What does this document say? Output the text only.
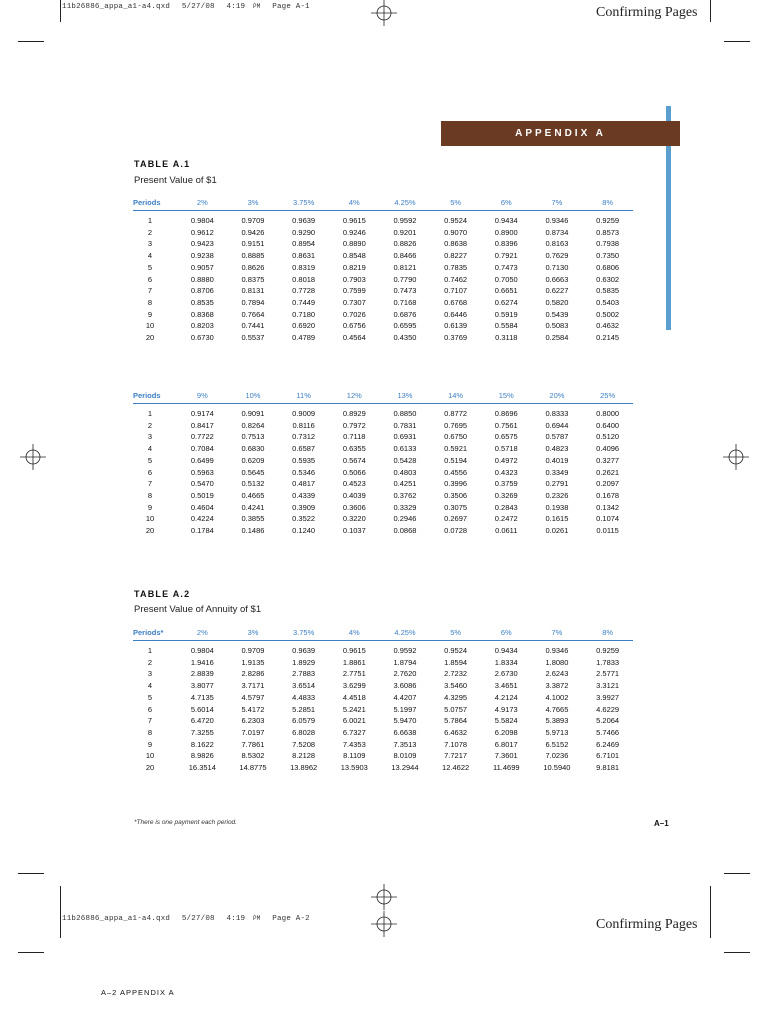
11b26886_appa_a1-a4.qxd 5/27/08 4:19 PM Page A-1	Confirming Pages
APPENDIX A
TABLE A.1
Present Value of $1
Periods	2%	3%	3.75%	4%	4.25%	5%	6%	7%	8%
1	0.9804	0.9709	0.9639	0.9615	0.9592	0.9524	0.9434	0.9346	0.9259
2	0.9612	0.9426	0.9290	0.9246	0.9201	0.9070	0.8900	0.8734	0.8573
3	0.9423	0.9151	0.8954	0.8890	0.8826	0.8638	0.8396	0.8163	0.7938
4	0.9238	0.8885	0.8631	0.8548	0.8466	0.8227	0.7921	0.7629	0.7350
5	0.9057	0.8626	0.8319	0.8219	0.8121	0.7835	0.7473	0.7130	0.6806
6	0.8880	0.8375	0.8018	0.7903	0.7790	0.7462	0.7050	0.6663	0.6302
7	0.8706	0.8131	0.7728	0.7599	0.7473	0.7107	0.6651	0.6227	0.5835
8	0.8535	0.7894	0.7449	0.7307	0.7168	0.6768	0.6274	0.5820	0.5403
9	0.8368	0.7664	0.7180	0.7026	0.6876	0.6446	0.5919	0.5439	0.5002
10	0.8203	0.7441	0.6920	0.6756	0.6595	0.6139	0.5584	0.5083	0.4632
20	0.6730	0.5537	0.4789	0.4564	0.4350	0.3769	0.3118	0.2584	0.2145
Periods	9%	10%	11%	12%	13%	14%	15%	20%	25%
1	0.9174	0.9091	0.9009	0.8929	0.8850	0.8772	0.8696	0.8333	0.8000
2	0.8417	0.8264	0.8116	0.7972	0.7831	0.7695	0.7561	0.6944	0.6400
3	0.7722	0.7513	0.7312	0.7118	0.6931	0.6750	0.6575	0.5787	0.5120
4	0.7084	0.6830	0.6587	0.6355	0.6133	0.5921	0.5718	0.4823	0.4096
5	0.6499	0.6209	0.5935	0.5674	0.5428	0.5194	0.4972	0.4019	0.3277
6	0.5963	0.5645	0.5346	0.5066	0.4803	0.4556	0.4323	0.3349	0.2621
7	0.5470	0.5132	0.4817	0.4523	0.4251	0.3996	0.3759	0.2791	0.2097
8	0.5019	0.4665	0.4339	0.4039	0.3762	0.3506	0.3269	0.2326	0.1678
9	0.4604	0.4241	0.3909	0.3606	0.3329	0.3075	0.2843	0.1938	0.1342
10	0.4224	0.3855	0.3522	0.3220	0.2946	0.2697	0.2472	0.1615	0.1074
20	0.1784	0.1486	0.1240	0.1037	0.0868	0.0728	0.0611	0.0261	0.0115
TABLE A.2
Present Value of Annuity of $1
Periods*	2%	3%	3.75%	4%	4.25%	5%	6%	7%	8%
1	0.9804	0.9709	0.9639	0.9615	0.9592	0.9524	0.9434	0.9346	0.9259
2	1.9416	1.9135	1.8929	1.8861	1.8794	1.8594	1.8334	1.8080	1.7833
3	2.8839	2.8286	2.7883	2.7751	2.7620	2.7232	2.6730	2.6243	2.5771
4	3.8077	3.7171	3.6514	3.6299	3.6086	3.5460	3.4651	3.3872	3.3121
5	4.7135	4.5797	4.4833	4.4518	4.4207	4.3295	4.2124	4.1002	3.9927
6	5.6014	5.4172	5.2851	5.2421	5.1997	5.0757	4.9173	4.7665	4.6229
7	6.4720	6.2303	6.0579	6.0021	5.9470	5.7864	5.5824	5.3893	5.2064
8	7.3255	7.0197	6.8028	6.7327	6.6638	6.4632	6.2098	5.9713	5.7466
9	8.1622	7.7861	7.5208	7.4353	7.3513	7.1078	6.8017	6.5152	6.2469
10	8.9826	8.5302	8.2128	8.1109	8.0109	7.7217	7.3601	7.0236	6.7101
20	16.3514	14.8775	13.8962	13.5903	13.2944	12.4622	11.4699	10.5940	9.8181
*There is one payment each period.	A–1
11b26886_appa_a1-a4.qxd 5/27/08 4:19 PM Page A-2	Confirming Pages
A–2 APPENDIX A
